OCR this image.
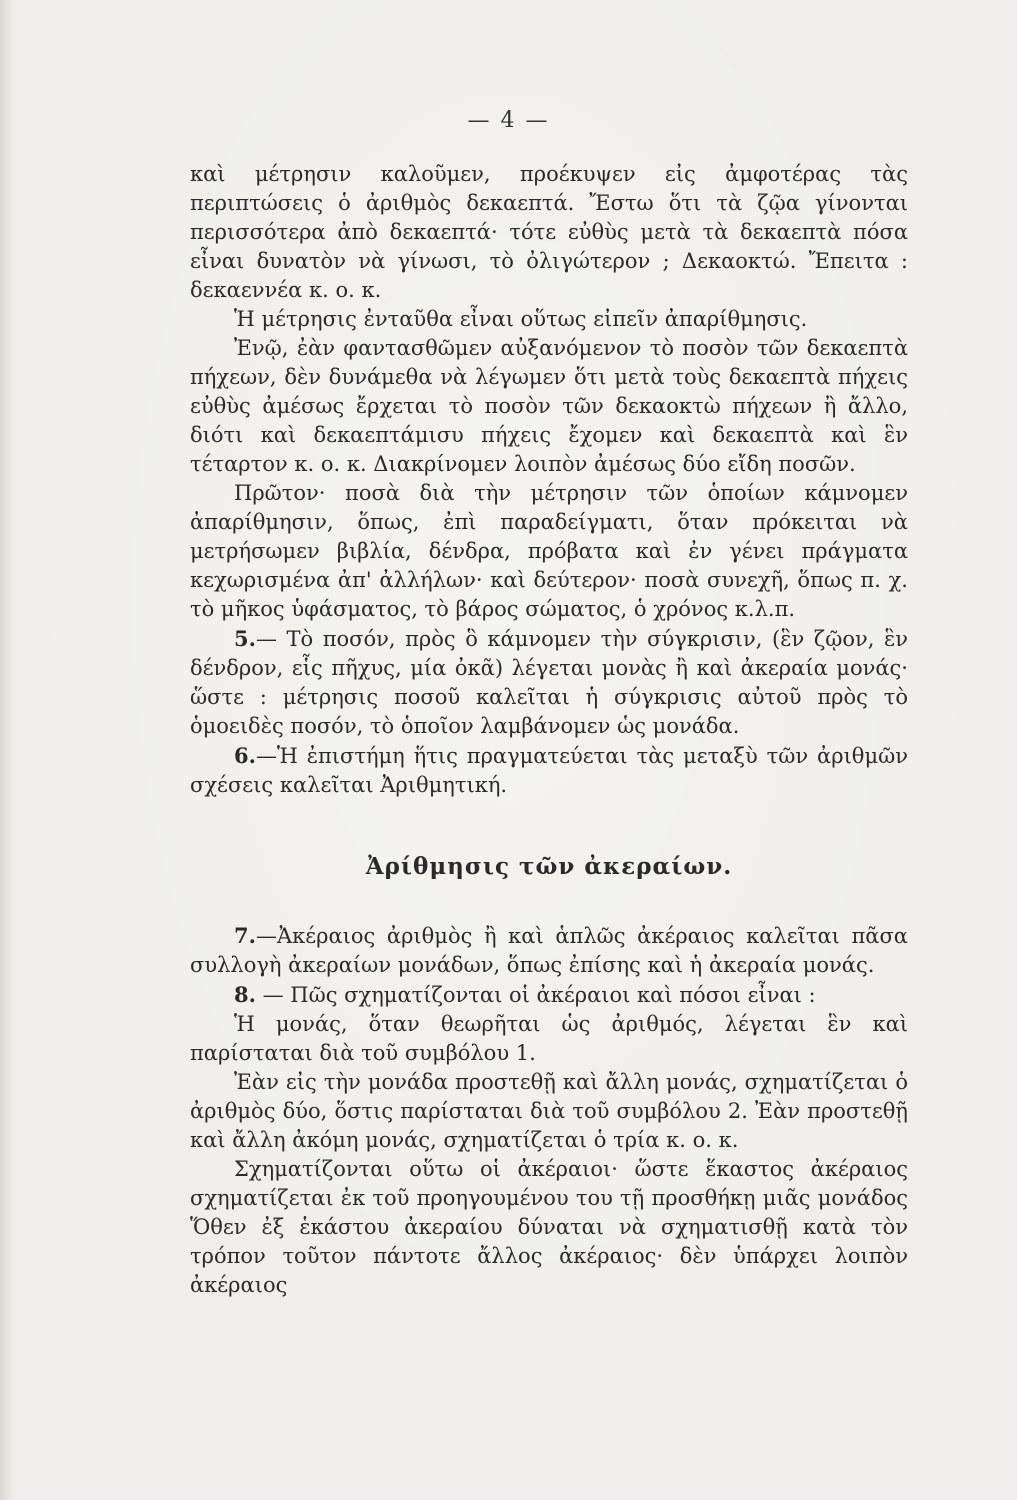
— 4 —

καὶ μέτρησιν καλοῦμεν, προέκυψεν εἰς ἀμφοτέρας τὰς περιπτώσεις ὁ ἀριθμὸς δεκαεπτά. Ἔστω ὅτι τὰ ζῷα γίνονται περισσότερα ἀπὸ δεκαεπτά· τότε εὐθὺς μετὰ τὰ δεκαεπτὰ πόσα εἶναι δυνατὸν νὰ γίνωσι, τὸ ὀλιγώτερον ; Δεκαοκτώ. Ἔπειτα : δεκαεννέα κ. ο. κ.

Ἡ μέτρησις ἐνταῦθα εἶναι οὕτως εἰπεῖν ἀπαρίθμησις.

Ἐνῷ, ἐὰν φαντασθῶμεν αὐξανόμενον τὸ ποσὸν τῶν δεκαεπτὰ πήχεων, δὲν δυνάμεθα νὰ λέγωμεν ὅτι μετὰ τοὺς δεκαεπτὰ πήχεις εὐθὺς ἀμέσως ἔρχεται τὸ ποσὸν τῶν δεκαοκτὼ πήχεων ἢ ἄλλο, διότι καὶ δεκαεπτάμισυ πήχεις ἔχομεν καὶ δεκαεπτὰ καὶ ἓν τέταρτον κ. ο. κ. Διακρίνομεν λοιπὸν ἀμέσως δύο εἴδη ποσῶν.

Πρῶτον· ποσὰ διὰ τὴν μέτρησιν τῶν ὁποίων κάμνομεν ἀπαρίθμησιν, ὅπως, ἐπὶ παραδείγματι, ὅταν πρόκειται νὰ μετρήσωμεν βιβλία, δένδρα, πρόβατα καὶ ἐν γένει πράγματα κεχωρισμένα ἀπ' ἀλλήλων· καὶ δεύτερον· ποσὰ συνεχῆ, ὅπως π. χ. τὸ μῆκος ὑφάσματος, τὸ βάρος σώματος, ὁ χρόνος κ.λ.π.

5.— Τὸ ποσόν, πρὸς ὃ κάμνομεν τὴν σύγκρισιν, (ἓν ζῷον, ἓν δένδρον, εἷς πῆχυς, μία ὀκᾶ) λέγεται μονὰς ἢ καὶ ἀκεραία μονάς· ὥστε : μέτρησις ποσοῦ καλεῖται ἡ σύγκρισις αὐτοῦ πρὸς τὸ ὁμοειδὲς ποσόν, τὸ ὁποῖον λαμβάνομεν ὡς μονάδα.

6.—Ἡ ἐπιστήμη ἥτις πραγματεύεται τὰς μεταξὺ τῶν ἀριθμῶν σχέσεις καλεῖται Ἀριθμητική.

Ἀρίθμησις τῶν ἀκεραίων.

7.—Ἀκέραιος ἀριθμὸς ἢ καὶ ἁπλῶς ἀκέραιος καλεῖται πᾶσα συλλογὴ ἀκεραίων μονάδων, ὅπως ἐπίσης καὶ ἡ ἀκεραία μονάς.

8. — Πῶς σχηματίζονται οἱ ἀκέραιοι καὶ πόσοι εἶναι :

Ἡ μονάς, ὅταν θεωρῆται ὡς ἀριθμός, λέγεται ἓν καὶ παρίσταται διὰ τοῦ συμβόλου 1.

Ἐὰν εἰς τὴν μονάδα προστεθῇ καὶ ἄλλη μονάς, σχηματίζεται ὁ ἀριθμὸς δύο, ὅστις παρίσταται διὰ τοῦ συμβόλου 2. Ἐὰν προστεθῇ καὶ ἄλλη ἀκόμη μονάς, σχηματίζεται ὁ τρία κ. ο. κ.

Σχηματίζονται οὕτω οἱ ἀκέραιοι· ὥστε ἕκαστος ἀκέραιος σχηματίζεται ἐκ τοῦ προηγουμένου του τῇ προσθήκῃ μιᾶς μονάδος Ὅθεν ἐξ ἑκάστου ἀκεραίου δύναται νὰ σχηματισθῇ κατὰ τὸν τρόπον τοῦτον πάντοτε ἄλλος ἀκέραιος· δὲν ὑπάρχει λοιπὸν ἀκέραιος
